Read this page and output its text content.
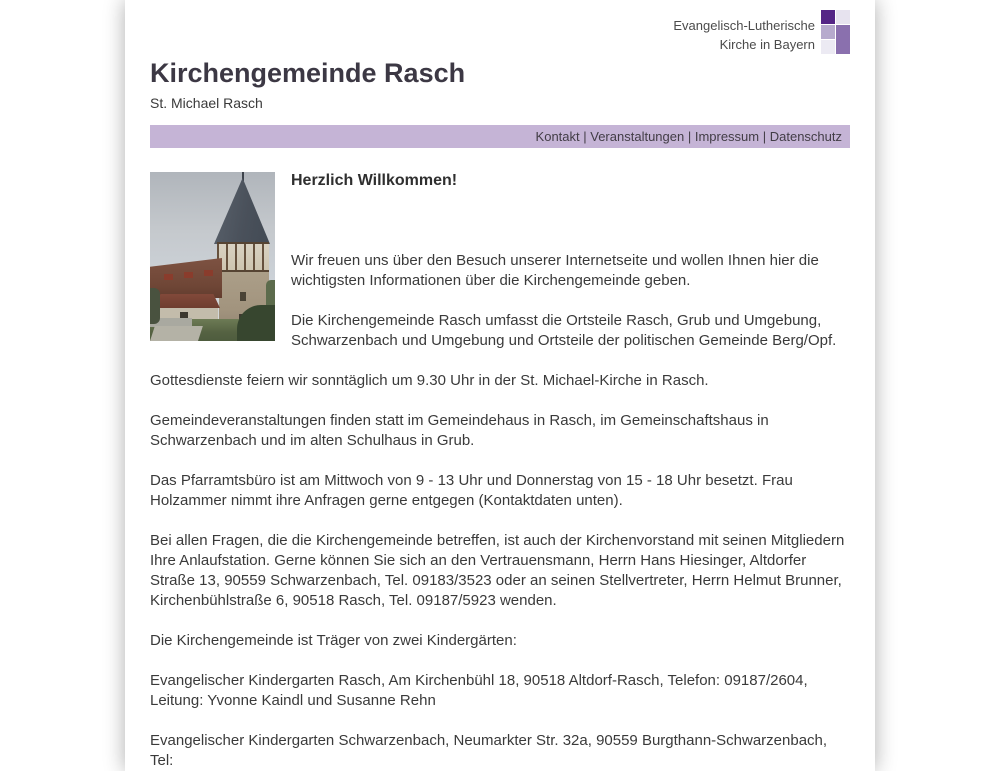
Evangelisch-Lutherische
Kirche in Bayern
Kirchengemeinde Rasch
St. Michael Rasch
Kontakt | Veranstaltungen | Impressum | Datenschutz
Herzlich Willkommen!

Wir freuen uns über den Besuch unserer Internetseite und wollen Ihnen hier die wichtigsten Informationen über die Kirchengemeinde geben.

Die Kirchengemeinde Rasch umfasst die Ortsteile Rasch, Grub und Umgebung, Schwarzenbach und Umgebung und Ortsteile der politischen Gemeinde Berg/Opf.

Gottesdienste feiern wir sonntäglich um 9.30 Uhr in der St. Michael-Kirche in Rasch.

Gemeindeveranstaltungen finden statt im Gemeindehaus in Rasch, im Gemeinschaftshaus in Schwarzenbach und im alten Schulhaus in Grub.

Das Pfarramtsbüro ist am Mittwoch von 9 - 13 Uhr und Donnerstag von 15 - 18 Uhr besetzt. Frau Holzammer nimmt ihre Anfragen gerne entgegen (Kontaktdaten unten).

Bei allen Fragen, die die Kirchengemeinde betreffen, ist auch der Kirchenvorstand mit seinen Mitgliedern Ihre Anlaufstation. Gerne können Sie sich an den Vertrauensmann, Herrn Hans Hiesinger, Altdorfer Straße 13, 90559 Schwarzenbach, Tel. 09183/3523 oder an seinen Stellvertreter, Herrn Helmut Brunner, Kirchenbühlstraße 6, 90518 Rasch, Tel. 09187/5923 wenden.

Die Kirchengemeinde ist Träger von zwei Kindergärten:

Evangelischer Kindergarten Rasch, Am Kirchenbühl 18, 90518 Altdorf-Rasch, Telefon: 09187/2604, Leitung: Yvonne Kaindl und Susanne Rehn

Evangelischer Kindergarten Schwarzenbach, Neumarkter Str. 32a, 90559 Burgthann-Schwarzenbach, Tel:
